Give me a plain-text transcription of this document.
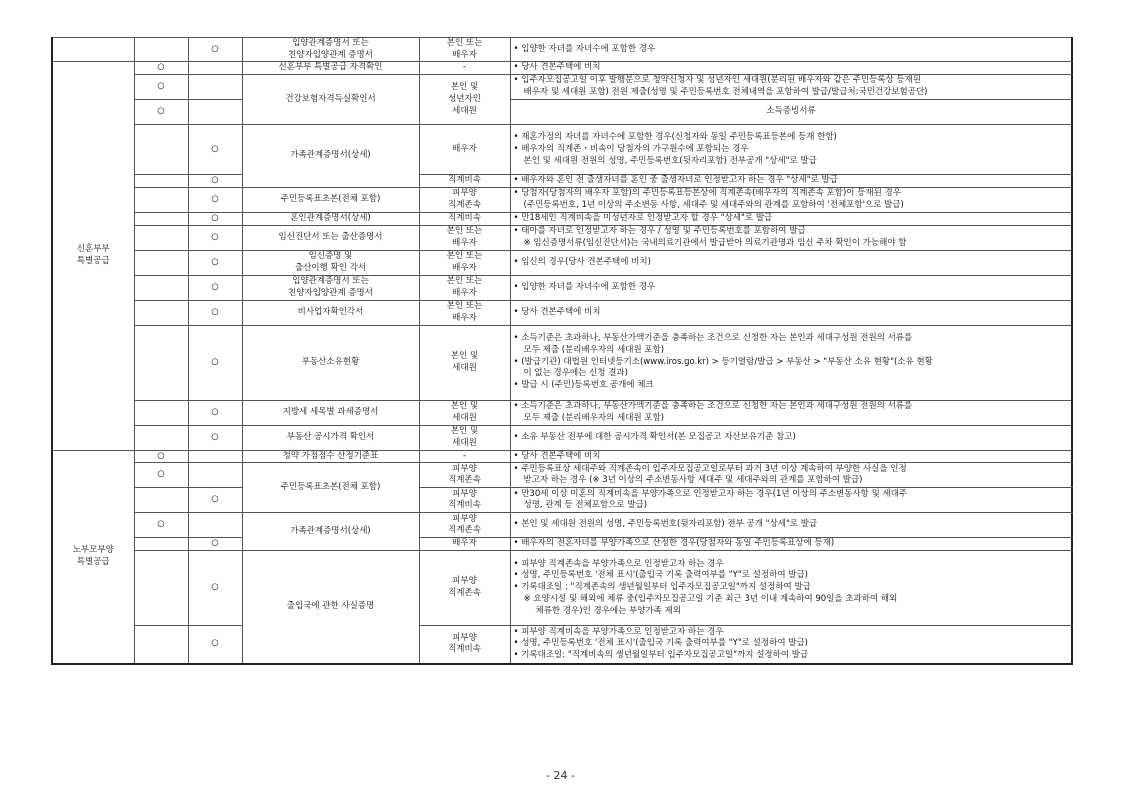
		○	입양관계증명서 또는
친양자입양관계 증명서	본인 또는
배우자	• 입양한 자녀를 자녀수에 포함한 경우	

신혼부부
특별공급	○		신혼부부 특별공급 자격확인	-	• 당사 견본주택에 비치	

	○		건강보험자격득실확인서	본인 및
성년자인
세대원	• 입주자모집공고일 이후 발행분으로 청약신청자 및 성년자인 세대원(분리된 배우자와 같은 주민등록상 등재된
배우자 및 세대원 포함) 전원 제출(성명 및 주민등록번호 전체내역을 포함하여 발급/발급처:국민건강보험공단)	

	○				소득증빙서류

		○	가족관계증명서(상세)	배우자	• 재혼가정의 자녀를 자녀수에 포함한 경우(신청자와 동일 주민등록표등본에 등재 한함)
• 배우자의 직계존・비속이 당첨자의 가구원수에 포함되는 경우
본인 및 세대원 전원의 성명, 주민등록번호(뒷자리포함) 전부공개 "상세"로 발급	

		○		직계비속	• 배우자와 혼인 전 출생자녀를 혼인 중 출생자녀로 인정받고자 하는 경우 "상세"로 발급	

		○	주민등록표초본(전체 포함)	피부양
직계존속	• 당첨자(당첨자의 배우자 포함)의 주민등록표등본상에 직계존속(배우자의 직계존속 포함)이 등재된 경우
(주민등록번호, 1년 이상의 주소변동 사항, 세대주 및 세대주와의 관계를 포함하여 '전체포함'으로 발급)	

		○	혼인관계증명서(상세)	직계비속	• 만18세인 직계비속을 미성년자로 인정받고자 할 경우 "상세"로 발급	

		○	임신진단서 또는 출산증명서	본인 또는
배우자	• 태아를 자녀로 인정받고자 하는 경우 / 성명 및 주민등록번호를 포함하여 발급
※ 임신증명서류(임신진단서)는 국내의료기관에서 발급받아 의료기관명과 임신 주차 확인이 가능해야 함	

		○	임신증명 및
출산이행 확인 각서	본인 또는
배우자	• 임신의 경우(당사 견본주택에 비치)	

		○	입양관계증명서 또는
친양자입양관계 증명서	본인 또는
배우자	• 입양한 자녀를 자녀수에 포함한 경우	

		○	비사업자확인각서	본인 또는
배우자	• 당사 견본주택에 비치	

		○	부동산소유현황	본인 및
세대원	• 소득기준은 초과하나, 부동산가액기준을 충족하는 조건으로 신청한 자는 본인과 세대구성원 전원의 서류를
모두 제출 (분리배우자의 세대원 포함)
• (발급기관) 대법원 인터넷등기소(www.iros.go.kr) > 등기열람/발급 > 부동산 > "부동산 소유 현황"(소유 현황
이 없는 경우에는 신청 결과)
• 발급 시 (주민)등록번호 공개에 체크	

		○	지방세 세목별 과세증명서	본인 및
세대원	• 소득기준은 초과하나, 부동산가액기준을 충족하는 조건으로 신청한 자는 본인과 세대구성원 전원의 서류를
모두 제출 (분리배우자의 세대원 포함)	

		○	부동산 공시가격 확인서	본인 및
세대원	• 소유 부동산 전부에 대한 공시가격 확인서(본 모집공고 자산보유기준 참고)	

노부모부양
특별공급	○		청약 가점점수 산정기준표	-	• 당사 견본주택에 비치	

	○		주민등록표초본(전체 포함)	피부양
직계존속	• 주민등록표상 세대주와 직계존속이 입주자모집공고일로부터 과거 3년 이상 계속하여 부양한 사실을 인정
받고자 하는 경우 (※ 3년 이상의 주소변동사항 세대주 및 세대주와의 관계를 포함하여 발급)	

		○		피부양
직계비속	• 만30세 이상 미혼의 직계비속을 부양가족으로 인정받고자 하는 경우(1년 이상의 주소변동사항 및 세대주
성명, 관계 등 전체포함으로 발급)	

	○		가족관계증명서(상세)	피부양
직계존속	• 본인 및 세대원 전원의 성명, 주민등록번호(뒷자리포함) 전부 공개 "상세"로 발급	

		○		배우자	• 배우자의 전혼자녀를 부양가족으로 산정한 경우(당첨자와 동일 주민등록표상에 등재)	

		○	출입국에 관한 사실증명	피부양
직계존속	• 피부양 직계존속을 부양가족으로 인정받고자 하는 경우
• 성명, 주민등록번호 '전체 표시'(출입국 기록 출력여부를 "Y"로 설정하여 발급)
• 기록대조일 : "직계존속의 생년월일부터 입주자모집공고일"까지 설정하여 발급
※ 요양시설 및 해외에 체류 중(입주자모집공고일 기준 최근 3년 이내 계속하여 90일을 초과하여 해외
체류한 경우)인 경우에는 부양가족 제외	

		○		피부양
직계비속	• 피부양 직계비속을 부양가족으로 인정받고자 하는 경우
• 성명, 주민등록번호 '전체 표시'(출입국 기록 출력여부를 "Y"로 설정하여 발급)
• 기록대조일: "직계비속의 생년월일부터 입주자모집공고일"까지 설정하여 발급	
- 24 -
